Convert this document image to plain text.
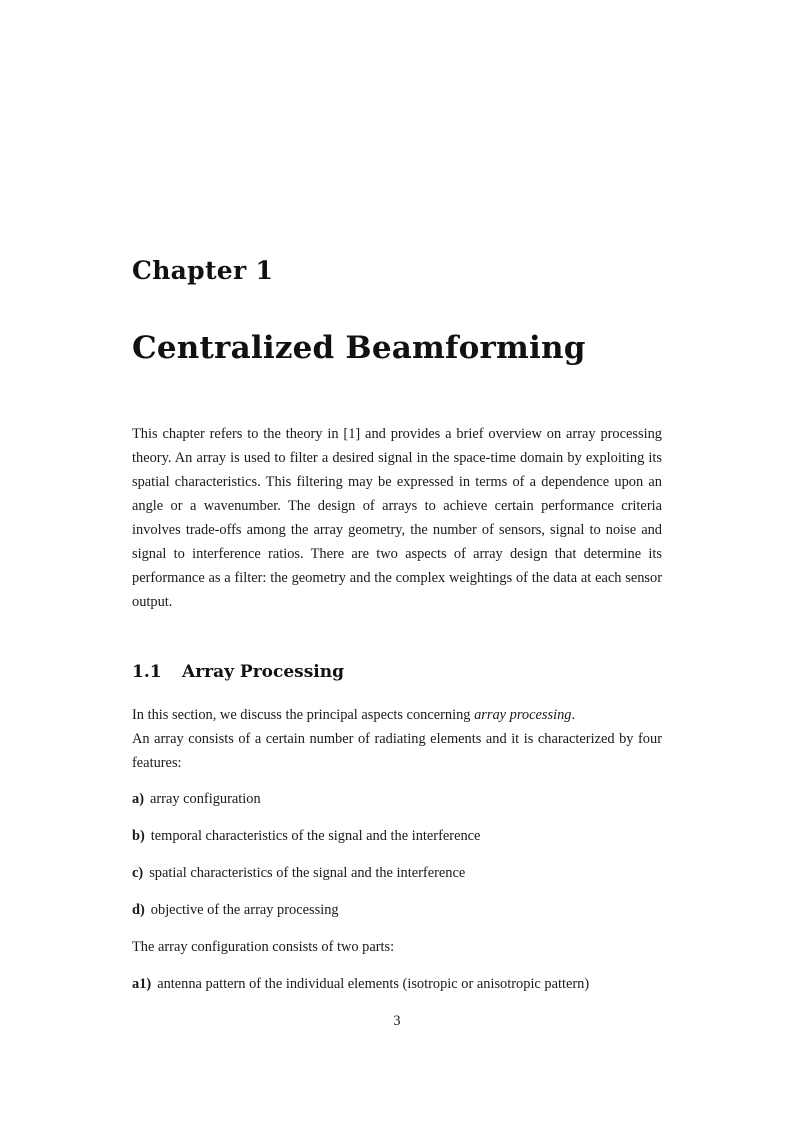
Chapter 1
Centralized Beamforming

This chapter refers to the theory in [1] and provides a brief overview on array processing theory. An array is used to filter a desired signal in the space-time domain by exploiting its spatial characteristics. This filtering may be expressed in terms of a dependence upon an angle or a wavenumber. The design of arrays to achieve certain performance criteria involves trade-offs among the array geometry, the number of sensors, signal to noise and signal to interference ratios. There are two aspects of array design that determine its performance as a filter: the geometry and the complex weightings of the data at each sensor output.

1.1 Array Processing
In this section, we discuss the principal aspects concerning array processing.
An array consists of a certain number of radiating elements and it is characterized by four features:
a) array configuration
b) temporal characteristics of the signal and the interference
c) spatial characteristics of the signal and the interference
d) objective of the array processing
The array configuration consists of two parts:
a1) antenna pattern of the individual elements (isotropic or anisotropic pattern)
3
